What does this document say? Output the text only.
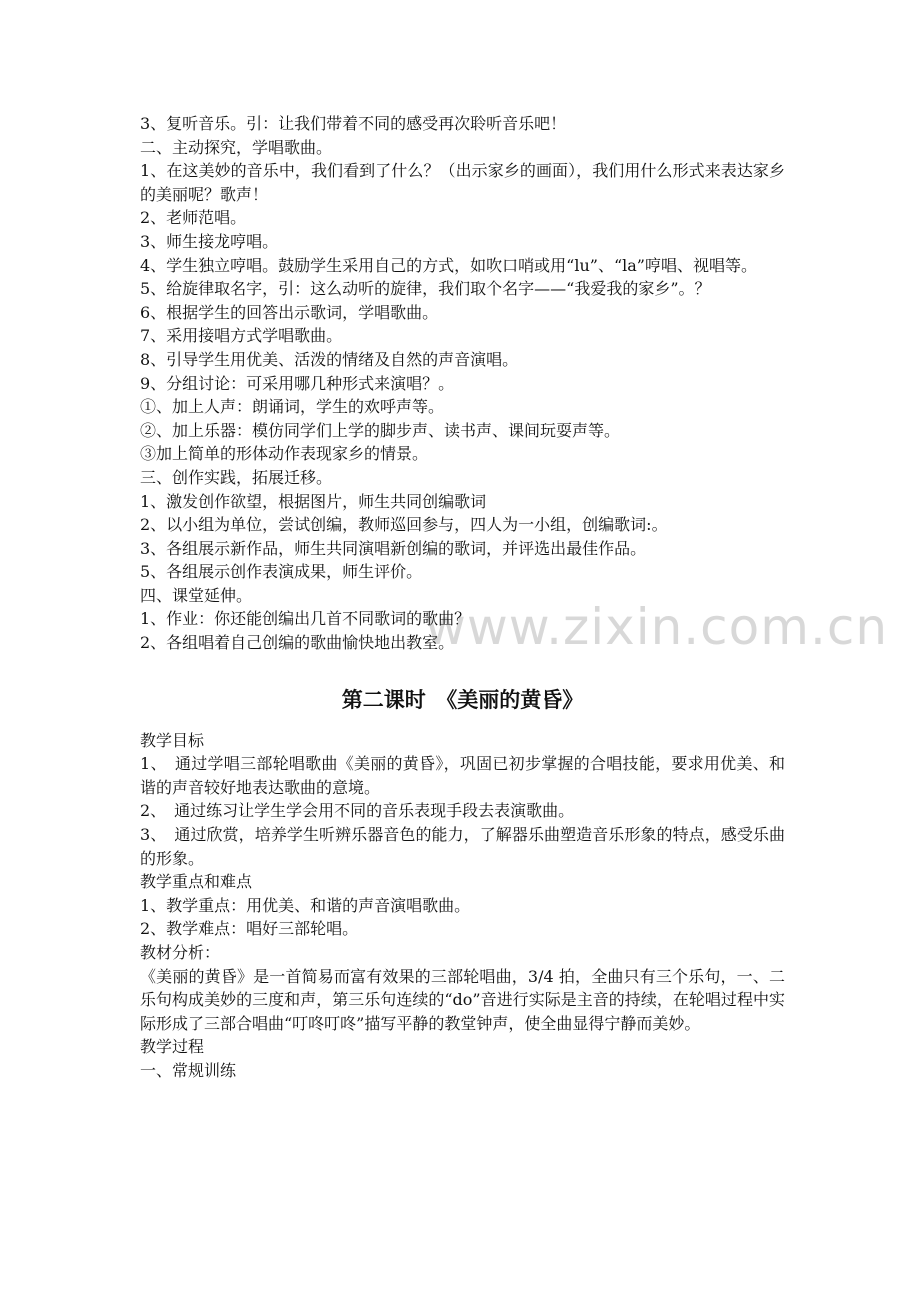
www.zixin.com.cn
3、复听音乐。引：让我们带着不同的感受再次聆听音乐吧！
二、主动探究，学唱歌曲。
1、在这美妙的音乐中，我们看到了什么？（出示家乡的画面），我们用什么形式来表达家乡的美丽呢？歌声！
2、老师范唱。
3、师生接龙哼唱。
4、学生独立哼唱。鼓励学生采用自己的方式，如吹口哨或用“lu”、“la”哼唱、视唱等。
5、给旋律取名字，引：这么动听的旋律，我们取个名字——“我爱我的家乡”。？
6、根据学生的回答出示歌词，学唱歌曲。
7、采用接唱方式学唱歌曲。
8、引导学生用优美、活泼的情绪及自然的声音演唱。
9、分组讨论：可采用哪几种形式来演唱？。
①、加上人声：朗诵词，学生的欢呼声等。
②、加上乐器：模仿同学们上学的脚步声、读书声、课间玩耍声等。
③加上简单的形体动作表现家乡的情景。
三、创作实践，拓展迁移。
1、激发创作欲望，根据图片，师生共同创编歌词
2、以小组为单位，尝试创编，教师巡回参与，四人为一小组，创编歌词:。
3、各组展示新作品，师生共同演唱新创编的歌词，并评选出最佳作品。
5、各组展示创作表演成果，师生评价。
四、课堂延伸。
1、作业：你还能创编出几首不同歌词的歌曲？
2、各组唱着自己创编的歌曲愉快地出教室。
第二课时　《美丽的黄昏》
教学目标
1、　通过学唱三部轮唱歌曲《美丽的黄昏》，巩固已初步掌握的合唱技能，要求用优美、和谐的声音较好地表达歌曲的意境。
2、　通过练习让学生学会用不同的音乐表现手段去表演歌曲。
3、　通过欣赏，培养学生听辨乐器音色的能力，了解器乐曲塑造音乐形象的特点，感受乐曲的形象。
教学重点和难点
1、教学重点：用优美、和谐的声音演唱歌曲。
2、教学难点：唱好三部轮唱。
教材分析：
《美丽的黄昏》是一首简易而富有效果的三部轮唱曲，3/4 拍，全曲只有三个乐句，一、二乐句构成美妙的三度和声，第三乐句连续的“do”音进行实际是主音的持续，在轮唱过程中实际形成了三部合唱曲“叮咚叮咚”描写平静的教堂钟声，使全曲显得宁静而美妙。
教学过程
一、常规训练
